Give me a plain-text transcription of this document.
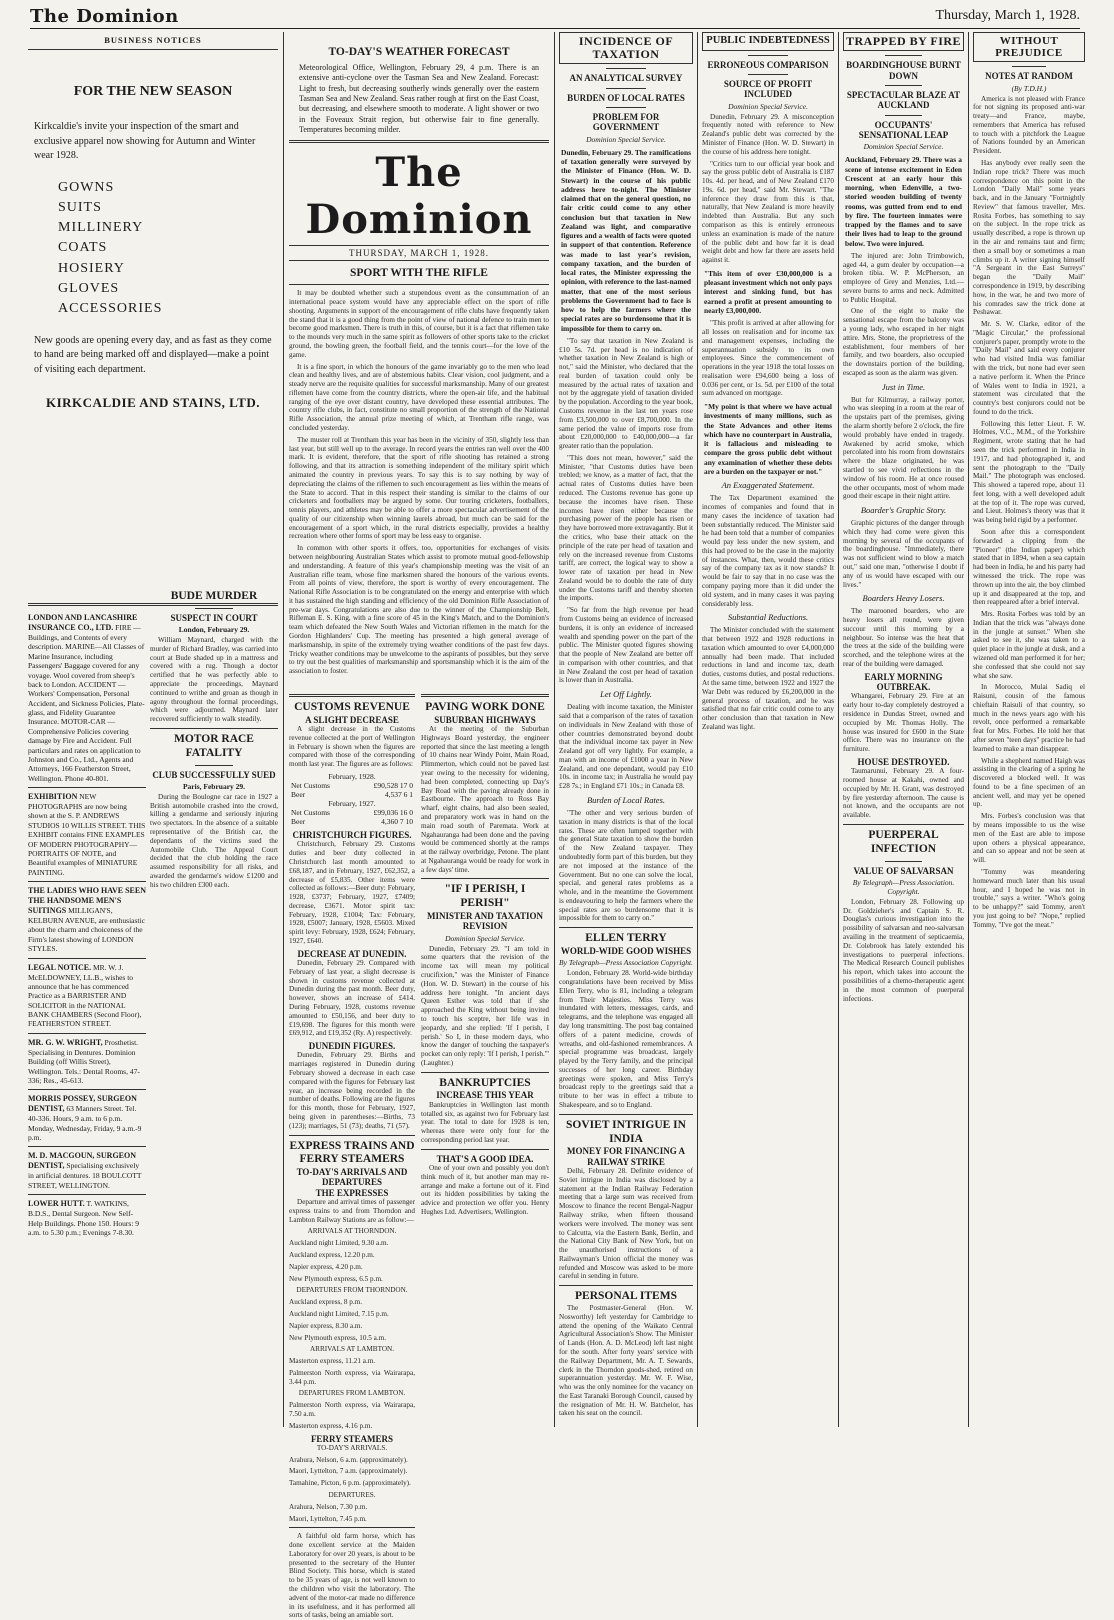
The Dominion	Thursday, March 1, 1928.
BUSINESS NOTICES
FOR THE NEW SEASON
Kirkcaldie's invite your inspection of the smart and exclusive apparel now showing for Autumn and Winter wear 1928.
GOWNS
SUITS
MILLINERY
COATS
HOSIERY
GLOVES
ACCESSORIES
New goods are opening every day, and as fast as they come to hand are being marked off and displayed—make a point of visiting each department.
KIRKCALDIE AND STAINS, LTD.
LONDON AND LANCASHIRE INSURANCE CO., LTD. FIRE — Buildings, and Contents of every description. MARINE—All Classes of Marine Insurance, including Passengers' Baggage covered for any voyage. Wool covered from sheep's back to London. ACCIDENT — Workers' Compensation, Personal Accident, and Sickness Policies, Plate-glass, and Fidelity Guarantee Insurance. MOTOR-CAR — Comprehensive Policies covering damage by Fire and Accident. Full particulars and rates on application to Johnston and Co., Ltd., Agents and Attorneys, 166 Featherston Street, Wellington. Phone 40-801.
EXHIBITION NEW PHOTOGRAPHS are now being shown at the S. P. ANDREWS STUDIOS 10 WILLIS STREET. THIS EXHIBIT contains FINE EXAMPLES OF MODERN PHOTOGRAPHY—PORTRAITS OF NOTE, and Beautiful examples of MINIATURE PAINTING.
THE LADIES WHO HAVE SEEN THE HANDSOME MEN'S SUITINGS MILLIGAN'S, KELBURN AVENUE, are enthusiastic about the charm and choiceness of the Firm's latest showing of LONDON STYLES.
LEGAL NOTICE. MR. W. J. McELDOWNEY, LL.B., wishes to announce that he has commenced Practice as a BARRISTER AND SOLICITOR in the NATIONAL BANK CHAMBERS (Second Floor), FEATHERSTON STREET.
MR. G. W. WRIGHT, Prosthetist. Specialising in Dentures. Dominion Building (off Willis Street), Wellington. Tels.: Dental Rooms, 47-336; Res., 45-613.
MORRIS POSSEY, SURGEON DENTIST, 63 Manners Street. Tel. 40-336. Hours, 9 a.m. to 6 p.m. Monday, Wednesday, Friday, 9 a.m.-9 p.m.
M. D. MACGOUN, SURGEON DENTIST, Specialising exclusively in artificial dentures. 18 BOULCOTT STREET, WELLINGTON.
LOWER HUTT. T. WATKINS, B.D.S., Dental Surgeon. New Self-Help Buildings. Phone 150. Hours: 9 a.m. to 5.30 p.m.; Evenings 7-8.30.
BUDE MURDER
SUSPECT IN COURT
London, February 29.

William Maynard, charged with the murder of Richard Bradley, was carried into court at Bude shaded up in a mattress and covered with a rug. Though a doctor certified that he was perfectly able to appreciate the proceedings, Maynard continued to writhe and groan as though in agony throughout the formal proceedings, which were adjourned. Maynard later recovered sufficiently to walk steadily.

MOTOR RACE FATALITY
CLUB SUCCESSFULLY SUED
Paris, February 29.

During the Boulogne car race in 1927 a British automobile crashed into the crowd, killing a gendarme and seriously injuring two spectators. In the absence of a suitable representative of the British car, the dependants of the victims sued the Automobile Club. The Appeal Court decided that the club holding the race assumed responsibility for all risks, and awarded the gendarme's widow £1200 and his two children £300 each.

TO-DAY'S WEATHER FORECAST
Meteorological Office, Wellington, February 29, 4 p.m. There is an extensive anti-cyclone over the Tasman Sea and New Zealand. Forecast: Light to fresh, but decreasing southerly winds generally over the eastern Tasman Sea and New Zealand. Seas rather rough at first on the East Coast, but decreasing, and elsewhere smooth to moderate. A light shower or two in the Foveaux Strait region, but otherwise fair to fine generally. Temperatures becoming milder.
The Dominion
THURSDAY, MARCH 1, 1928.
SPORT WITH THE RIFLE

It may be doubted whether such a stupendous event as the consummation of an international peace system would have any appreciable effect on the sport of rifle shooting. Arguments in support of the encouragement of rifle clubs have frequently taken the stand that it is a good thing from the point of view of national defence to train men to become good marksmen. There is truth in this, of course, but it is a fact that riflemen take to the mounds very much in the same spirit as followers of other sports take to the cricket ground, the bowling green, the football field, and the tennis court—for the love of the game.

It is a fine sport, in which the honours of the game invariably go to the men who lead clean and healthy lives, and are of abstemious habits. Clear vision, cool judgment, and a steady nerve are the requisite qualities for successful marksmanship. Many of our greatest riflemen have come from the country districts, where the open-air life, and the habitual ranging of the eye over distant country, have developed these essential attributes. The country rifle clubs, in fact, constitute no small proportion of the strength of the National Rifle Association, the annual prize meeting of which, at Trentham rifle range, was concluded yesterday.

The muster roll at Trentham this year has been in the vicinity of 350, slightly less than last year, but still well up to the average. In record years the entries ran well over the 400 mark. It is evident, therefore, that the sport of rifle shooting has retained a strong following, and that its attraction is something independent of the military spirit which animated the country in previous years. To say this is to say nothing by way of depreciating the claims of the riflemen to such encouragement as lies within the means of the State to accord. That in this respect their standing is similar to the claims of our cricketers and footballers may be argued by some. Our touring cricketers, footballers, tennis players, and athletes may be able to offer a more spectacular advertisement of the quality of our citizenship when winning laurels abroad, but much can be said for the encouragement of a sport which, in the rural districts especially, provides a healthy recreation where other forms of sport may be less easy to organise.

In common with other sports it offers, too, opportunities for exchanges of visits between neighbouring Australian States which assist to promote mutual good-fellowship and understanding. A feature of this year's championship meeting was the visit of an Australian rifle team, whose fine marksmen shared the honours of the various events. From all points of view, therefore, the sport is worthy of every encouragement. The National Rifle Association is to be congratulated on the energy and enterprise with which it has sustained the high standing and efficiency of the old Dominion Rifle Association of pre-war days. Congratulations are also due to the winner of the Championship Belt, Rifleman E. S. King, with a fine score of 45 in the King's Match, and to the Dominion's team which defeated the New South Wales and Victorian riflemen in the match for the Gordon Highlanders' Cup. The meeting has presented a high general average of marksmanship, in spite of the extremely trying weather conditions of the past few days. Tricky weather conditions may be unwelcome to the aspirants of possibles, but they serve to try out the best qualities of marksmanship and sportsmanship which it is the aim of the association to foster.

CUSTOMS REVENUE
A SLIGHT DECREASE

A slight decrease in the Customs revenue collected at the port of Wellington in February is shown when the figures are compared with those of the corresponding month last year. The figures are as follows:

February, 1928.	
Net Customs	£90,528 17 0
Beer	4,537 6 1
February, 1927.	
Net Customs	£99,036 16 0
Beer	4,360 7 10
CHRISTCHURCH FIGURES.

Christchurch, February 29. Customs duties and beer duty collected in Christchurch last month amounted to £68,187, and in February, 1927, £62,352, a decrease of £5,835. Other items were collected as follows:—Beer duty: February, 1928, £3737; February, 1927, £7409; decrease, £3671. Motor spirit tax: February, 1928, £1004; Tax: February, 1928, £5007; January, 1928, £5603. Mixed spirit levy: February, 1928, £624; February, 1927, £640.

DECREASE AT DUNEDIN.

Dunedin, February 29. Compared with February of last year, a slight decrease is shown in customs revenue collected at Dunedin during the past month. Beer duty, however, shows an increase of £414. During February, 1928, customs revenue amounted to £50,156, and beer duty to £19,698. The figures for this month were £69,912, and £19,352 (Ry. A) respectively.

DUNEDIN FIGURES.

Dunedin, February 29. Births and marriages registered in Dunedin during February showed a decrease in each case compared with the figures for February last year, an increase being recorded in the number of deaths. Following are the figures for this month, those for February, 1927, being given in parentheses:—Births, 73 (123); marriages, 51 (73); deaths, 71 (57).

EXPRESS TRAINS AND FERRY STEAMERS
TO-DAY'S ARRIVALS AND DEPARTURES
THE EXPRESSES

Departure and arrival times of passenger express trains to and from Thorndon and Lambton Railway Stations are as follow:—

ARRIVALS AT THORNDON.
Auckland night Limited, 9.30 a.m.
Auckland express, 12.20 p.m.
Napier express, 4.20 p.m.
New Plymouth express, 6.5 p.m.
DEPARTURES FROM THORNDON.
Auckland express, 8 p.m.
Auckland night Limited, 7.15 p.m.
Napier express, 8.30 a.m.
New Plymouth express, 10.5 a.m.
ARRIVALS AT LAMBTON.
Masterton express, 11.21 a.m.
Palmerston North express, via Wairarapa, 3.44 p.m.
DEPARTURES FROM LAMBTON.
Palmerston North express, via Wairarapa, 7.50 a.m.
Masterton express, 4.16 p.m.
FERRY STEAMERS
TO-DAY'S ARRIVALS.
Arahura, Nelson, 6 a.m. (approximately).
Maori, Lyttelton, 7 a.m. (approximately).
Tamahine, Picton, 6 p.m. (approximately).
DEPARTURES.
Arahura, Nelson, 7.30 p.m.
Maori, Lyttelton, 7.45 p.m.

A faithful old farm horse, which has done excellent service at the Maiden Laboratory for over 20 years, is about to be presented to the secretary of the Hunter Blind Society. This horse, which is stated to be 35 years of age, is not well known to the children who visit the laboratory. The advent of the motor-car made no difference in its usefulness, and it has performed all sorts of tasks, being an amiable sort.

PAVING WORK DONE
SUBURBAN HIGHWAYS

At the meeting of the Suburban Highways Board yesterday, the engineer reported that since the last meeting a length of 10 chains near Windy Point, Main Road, Plimmerton, which could not be paved last year owing to the necessity for widening, had been completed, connecting up Day's Bay Road with the paving already done in Eastbourne. The approach to Ross Bay wharf, eight chains, had also been sealed, and preparatory work was in hand on the main road south of Paremata. Work at Ngahauranga had been done and the paving would be commenced shortly at the ramps at the railway overbridge, Petone. The plant at Ngahauranga would be ready for work in a few days' time.

"IF I PERISH, I PERISH"
MINISTER AND TAXATION REVISION
Dominion Special Service.

Dunedin, February 29. "I am told in some quarters that the revision of the income tax will mean my political crucifixion," was the Minister of Finance (Hon. W. D. Stewart) in the course of his address here tonight. "In ancient days Queen Esther was told that if she approached the King without being invited to touch his sceptre, her life was in jeopardy, and she replied: 'If I perish, I perish.' So I, in these modern days, who know the danger of touching the taxpayer's pocket can only reply: 'If I perish, I perish.'" (Laughter.)

BANKRUPTCIES
INCREASE THIS YEAR

Bankruptcies in Wellington last month totalled six, as against two for February last year. The total to date for 1928 is ten, whereas there were only four for the corresponding period last year.

THAT'S A GOOD IDEA.

One of your own and possibly you don't think much of it, but another man may re-arrange and make a fortune out of it. Find out its hidden possibilities by taking the advice and protection we offer you. Henry Hughes Ltd. Advertisers, Wellington.

INCIDENCE OF TAXATION
AN ANALYTICAL SURVEY
BURDEN OF LOCAL RATES
PROBLEM FOR GOVERNMENT
Dominion Special Service.

Dunedin, February 29. The ramifications of taxation generally were surveyed by the Minister of Finance (Hon. W. D. Stewart) in the course of his public address here to-night. The Minister claimed that on the general question, no fair critic could come to any other conclusion but that taxation in New Zealand was light, and comparative figures and a wealth of facts were quoted in support of that contention. Reference was made to last year's revision, company taxation, and the burden of local rates, the Minister expressing the opinion, with reference to the last-named matter, that one of the most serious problems the Government had to face is how to help the farmers where the special rates are so burdensome that it is impossible for them to carry on.

"To say that taxation in New Zealand is £10 5s. 7d. per head is no indication of whether taxation in New Zealand is high or not," said the Minister, who declared that the real burden of taxation could only be measured by the actual rates of taxation and not by the aggregate yield of taxation divided by the population. According to the year book, Customs revenue in the last ten years rose from £3,500,000 to over £8,700,000. In the same period the value of imports rose from about £20,000,000 to £40,000,000—a far greater ratio than the population.

"This does not mean, however," said the Minister, "that Customs duties have been trebled; we know, as a matter of fact, that the actual rates of Customs duties have been reduced. The Customs revenue has gone up because the incomes have risen. These incomes have risen either because the purchasing power of the people has risen or they have borrowed more extravagantly. But it the critics, who base their attack on the principle of the rate per head of taxation and rely on the increased revenue from Customs tariff, are correct, the logical way to show a lower rate of taxation per head in New Zealand would be to double the rate of duty under the Customs tariff and thereby shorten the imports.

"So far from the high revenue per head from Customs being an evidence of increased burdens, it is only an evidence of increased wealth and spending power on the part of the public. The Minister quoted figures showing that the people of New Zealand are better off in comparison with other countries, and that in New Zealand the cost per head of taxation is lower than in Australia.

Let Off Lightly.

Dealing with income taxation, the Minister said that a comparison of the rates of taxation on individuals in New Zealand with those of other countries demonstrated beyond doubt that the individual income tax payer in New Zealand got off very lightly. For example, a man with an income of £1000 a year in New Zealand, and one dependant, would pay £10 10s. in income tax; in Australia he would pay £28 7s.; in England £71 10s.; in Canada £8.

Burden of Local Rates.

"The other and very serious burden of taxation in many districts is that of the local rates. These are often lumped together with the general State taxation to show the burden of the New Zealand taxpayer. They undoubtedly form part of this burden, but they are not imposed at the instance of the Government. But no one can solve the local, special, and general rates problems as a whole, and in the meantime the Government is endeavouring to help the farmers where the special rates are so burdensome that it is impossible for them to carry on."

ELLEN TERRY
WORLD-WIDE GOOD WISHES
By Telegraph—Press Association Copyright.

London, February 28. World-wide birthday congratulations have been received by Miss Ellen Terry, who is 81, including a telegram from Their Majesties. Miss Terry was inundated with letters, messages, cards, and telegrams, and the telephone was engaged all day long transmitting. The post bag contained offers of a patent medicine, crowds of wreaths, and old-fashioned remembrances. A special programme was broadcast, largely played by the Terry family, and the principal successes of her long career. Birthday greetings were spoken, and Miss Terry's broadcast reply to the greetings said that a tribute to her was in effect a tribute to Shakespeare, and so to England.

SOVIET INTRIGUE IN INDIA
MONEY FOR FINANCING A RAILWAY STRIKE

Delhi, February 28. Definite evidence of Soviet intrigue in India was disclosed by a statement at the Indian Railway Federation meeting that a large sum was received from Moscow to finance the recent Bengal-Nagpur Railway strike, when fifteen thousand workers were involved. The money was sent to Calcutta, via the Eastern Bank, Berlin, and the National City Bank of New York, but on the unauthorised instructions of a Railwayman's Union official the money was refunded and Moscow was asked to be more careful in sending in future.

PERSONAL ITEMS

The Postmaster-General (Hon. W. Nosworthy) left yesterday for Cambridge to attend the opening of the Waikato Central Agricultural Association's Show. The Minister of Lands (Hon. A. D. McLeod) left last night for the south. After forty years' service with the Railway Department, Mr. A. T. Sewards, clerk in the Thorndon goods-shed, retired on superannuation yesterday. Mr. W. F. Wise, who was the only nominee for the vacancy on the East Taranaki Borough Council, caused by the resignation of Mr. H. W. Batchelor, has taken his seat on the council.

PUBLIC INDEBTEDNESS
ERRONEOUS COMPARISON
SOURCE OF PROFIT INCLUDED
Dominion Special Service.

Dunedin, February 29. A misconception frequently noted with reference to New Zealand's public debt was corrected by the Minister of Finance (Hon. W. D. Stewart) in the course of his address here tonight.

"Critics turn to our official year book and say the gross public debt of Australia is £187 10s. 4d. per head, and of New Zealand £170 19s. 6d. per head," said Mr. Stewart. "The inference they draw from this is that, naturally, that New Zealand is more heavily indebted than Australia. But any such comparison as this is entirely erroneous unless an examination is made of the nature of the public debt and how far it is dead weight debt and how far there are assets held against it.

"This item of over £30,000,000 is a pleasant investment which not only pays interest and sinking fund, but has earned a profit at present amounting to nearly £3,000,000.

"This profit is arrived at after allowing for all losses on realisation and for income tax and management expenses, including the superannuation subsidy to its own employees. Since the commencement of operations in the year 1918 the total losses on realisation were £94,600 being a loss of 0.036 per cent, or 1s. 5d. per £100 of the total sum advanced on mortgage.

"My point is that where we have actual investments of many millions, such as the State Advances and other items which have no counterpart in Australia, it is fallacious and misleading to compare the gross public debt without any examination of whether these debts are a burden on the taxpayer or not."

An Exaggerated Statement.

The Tax Department examined the incomes of companies and found that in many cases the incidence of taxation had been substantially reduced. The Minister said he had been told that a number of companies would pay less under the new system, and this had proved to be the case in the majority of instances. What, then, would these critics say of the company tax as it now stands? It would be fair to say that in no case was the company paying more than it did under the old system, and in many cases it was paying considerably less.

Substantial Reductions.

The Minister concluded with the statement that between 1922 and 1928 reductions in taxation which amounted to over £4,000,000 annually had been made. That included reductions in land and income tax, death duties, customs duties, and postal reductions. At the same time, between 1922 and 1927 the War Debt was reduced by £6,200,000 in the general process of taxation, and he was satisfied that no fair critic could come to any other conclusion than that taxation in New Zealand was light.

TRAPPED BY FIRE
BOARDINGHOUSE BURNT DOWN
SPECTACULAR BLAZE AT AUCKLAND
OCCUPANTS' SENSATIONAL LEAP
Dominion Special Service.

Auckland, February 29. There was a scene of intense excitement in Eden Crescent at an early hour this morning, when Edenville, a two-storied wooden building of twenty rooms, was gutted from end to end by fire. The fourteen inmates were trapped by the flames and to save their lives had to leap to the ground below. Two were injured.

The injured are: John Trimbowich, aged 44, a gum dealer by occupation—a broken tibia. W. P. McPherson, an employee of Grey and Menzies, Ltd.—severe burns to arms and neck. Admitted to Public Hospital.

One of the eight to make the sensational escape from the balcony was a young lady, who escaped in her night attire. Mrs. Stone, the proprietress of the establishment, four members of her family, and two boarders, also occupied the downstairs portion of the building, escaped as soon as the alarm was given.

Just in Time.

But for Kilmurray, a railway porter, who was sleeping in a room at the rear of the upstairs part of the premises, giving the alarm shortly before 2 o'clock, the fire would probably have ended in tragedy. Awakened by acrid smoke, which percolated into his room from downstairs where the blaze originated, he was startled to see vivid reflections in the window of his room. He at once roused the other occupants, most of whom made good their escape in their night attire.

Boarder's Graphic Story.

Graphic pictures of the danger through which they had come were given this morning by several of the occupants of the boardinghouse. "Immediately, there was not sufficient wind to blow a match out," said one man, "otherwise I doubt if any of us would have escaped with our lives."

Boarders Heavy Losers.

The marooned boarders, who are heavy losers all round, were given succour until this morning by a neighbour. So intense was the heat that the trees at the side of the building were scorched, and the telephone wires at the rear of the building were damaged.

EARLY MORNING OUTBREAK.

Whangarei, February 29. Fire at an early hour to-day completely destroyed a residence in Dundas Street, owned and occupied by Mr. Thomas Holly. The house was insured for £600 in the State office. There was no insurance on the furniture.

HOUSE DESTROYED.

Taumarunui, February 29. A four-roomed house at Kakahi, owned and occupied by Mr. H. Grant, was destroyed by fire yesterday afternoon. The cause is not known, and the occupants are not available.

PUERPERAL INFECTION
VALUE OF SALVARSAN
By Telegraph—Press Association. Copyright.

London, February 28. Following up Dr. Goldzieher's and Captain S. R. Douglas's curious investigation into the possibility of salvarsan and neo-salvarsan availing in the treatment of septicaemia, Dr. Colebrook has lately extended his investigations to puerperal infections. The Medical Research Council publishes his report, which takes into account the possibilities of a chemo-therapeutic agent in the most common of puerperal infections.

WITHOUT PREJUDICE
NOTES AT RANDOM
(By T.D.H.)

America is not pleased with France for not signing its proposed anti-war treaty—and France, maybe, remembers that America has refused to touch with a pitchfork the League of Nations founded by an American President.

Has anybody ever really seen the Indian rope trick? There was much correspondence on this point in the London "Daily Mail" some years back, and in the January "Fortnightly Review" that famous traveller, Mrs. Rosita Forbes, has something to say on the subject. In the rope trick as usually described, a rope is thrown up in the air and remains taut and firm; then a small boy or sometimes a man climbs up it. A writer signing himself "A Sergeant in the East Surreys" began the "Daily Mail" correspondence in 1919, by describing how, in the war, he and two more of his comrades saw the trick done at Peshawar.

Mr. S. W. Clarke, editor of the "Magic Circular," the professional conjurer's paper, promptly wrote to the "Daily Mail" and said every conjurer who had visited India was familiar with the trick, but none had ever seen a native perform it. When the Prince of Wales went to India in 1921, a statement was circulated that the country's best conjurors could not be found to do the trick.

Following this letter Lieut. F. W. Holmes, V.C., M.M., of the Yorkshire Regiment, wrote stating that he had seen the trick performed in India in 1917, and had photographed it, and sent the photograph to the "Daily Mail." The photograph was enclosed. This showed a tapered rope, about 11 feet long, with a well developed adult at the top of it. The rope was curved, and Lieut. Holmes's theory was that it was being held rigid by a performer.

Soon after this a correspondent forwarded a clipping from the "Pioneer" (the Indian paper) which stated that in 1894, when a sea captain had been in India, he and his party had witnessed the trick. The rope was thrown up into the air, the boy climbed up it and disappeared at the top, and then reappeared after a brief interval.

Mrs. Rosita Forbes was told by an Indian that the trick was "always done in the jungle at sunset." When she asked to see it, she was taken to a quiet place in the jungle at dusk, and a wizened old man performed it for her; she confessed that she could not say what she saw.

In Morocco, Mulai Sadiq el Raisuni, cousin of the famous chieftain Raisuli of that country, so much in the news years ago with his revolt, once performed a remarkable feat for Mrs. Forbes. He told her that after seven "teen days" practice he had learned to make a man disappear.

While a shepherd named Haigh was assisting in the clearing of a spring he discovered a blocked well. It was found to be a fine specimen of an ancient well, and may yet be opened up.

Mrs. Forbes's conclusion was that by means impossible to us the wise men of the East are able to impose upon others a physical appearance, and can so appear and not be seen at will.

"Tommy was meandering homeward much later than his usual hour, and I hoped he was not in trouble," says a writer. "Who's going to be unhappy?" said Tommy, aren't you just going to be? "Nope," replied Tommy, "I've got the meat."
